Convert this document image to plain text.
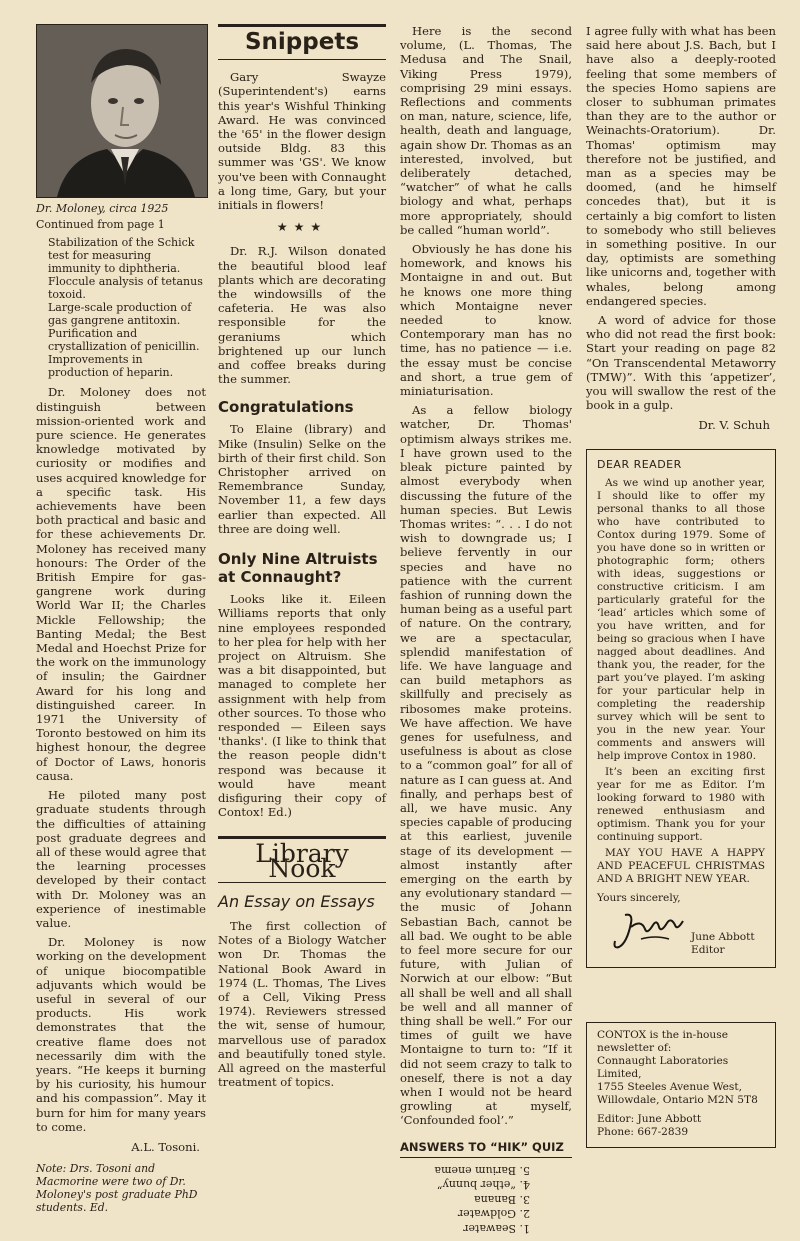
Dr. Moloney, circa 1925
Continued from page 1
Stabilization of the Schick test for measuring immunity to diphtheria.
Floccule analysis of tetanus toxoid.
Large-scale production of gas gangrene antitoxin.
Purification and crystallization of penicillin.
Improvements in production of heparin.

Dr. Moloney does not distinguish between mission-oriented work and pure science. He generates knowledge motivated by curiosity or modifies and uses acquired knowledge for a specific task. His achievements have been both practical and basic and for these achievements Dr. Moloney has received many honours: The Order of the British Empire for gas-gangrene work during World War II; the Charles Mickle Fellowship; the Banting Medal; the Best Medal and Hoechst Prize for the work on the immunology of insulin; the Gairdner Award for his long and distinguished career. In 1971 the University of Toronto bestowed on him its highest honour, the degree of Doctor of Laws, honoris causa.

He piloted many post graduate students through the difficulties of attaining post graduate degrees and all of these would agree that the learning processes developed by their contact with Dr. Moloney was an experience of inestimable value.

Dr. Moloney is now working on the development of unique biocompatible adjuvants which would be useful in several of our products. His work demonstrates that the creative flame does not necessarily dim with the years. “He keeps it burning by his curiosity, his humour and his compassion”. May it burn for him for many years to come.

A.L. Tosoni.
Note: Drs. Tosoni and Macmorine were two of Dr. Moloney's post graduate PhD students. Ed.
Snippets

Gary Swayze (Superintendent's) earns this year's Wishful Thinking Award. He was convinced the '65' in the flower design outside Bldg. 83 this summer was 'GS'. We know you've been with Connaught a long time, Gary, but your initials in flowers!

★★★

Dr. R.J. Wilson donated the beautiful blood leaf plants which are decorating the windowsills of the cafeteria. He was also responsible for the geraniums which brightened up our lunch and coffee breaks during the summer.

Congratulations

To Elaine (library) and Mike (Insulin) Selke on the birth of their first child. Son Christopher arrived on Remembrance Sunday, November 11, a few days earlier than expected. All three are doing well.

Only Nine Altruists at Connaught?

Looks like it. Eileen Williams reports that only nine employees responded to her plea for help with her project on Altruism. She was a bit disappointed, but managed to complete her assignment with help from other sources. To those who responded — Eileen says 'thanks'. (I like to think that the reason people didn't respond was because it would have meant disfiguring their copy of Contox! Ed.)

Library Nook
An Essay on Essays

The first collection of Notes of a Biology Watcher won Dr. Thomas the National Book Award in 1974 (L. Thomas, The Lives of a Cell, Viking Press 1974). Reviewers stressed the wit, sense of humour, marvellous use of paradox and beautifully toned style. All agreed on the masterful treatment of topics.

Here is the second volume, (L. Thomas, The Medusa and The Snail, Viking Press 1979), comprising 29 mini essays. Reflections and comments on man, nature, science, life, health, death and language, again show Dr. Thomas as an interested, involved, but deliberately detached, “watcher” of what he calls biology and what, perhaps more appropriately, should be called “human world”.

Obviously he has done his homework, and knows his Montaigne in and out. But he knows one more thing which Montaigne never needed to know. Contemporary man has no time, has no patience — i.e. the essay must be concise and short, a true gem of miniaturisation.

As a fellow biology watcher, Dr. Thomas' optimism always strikes me. I have grown used to the bleak picture painted by almost everybody when discussing the future of the human species. But Lewis Thomas writes: “. . . I do not wish to downgrade us; I believe fervently in our species and have no patience with the current fashion of running down the human being as a useful part of nature. On the contrary, we are a spectacular, splendid manifestation of life. We have language and can build metaphors as skillfully and precisely as ribosomes make proteins. We have affection. We have genes for usefulness, and usefulness is about as close to a “common goal” for all of nature as I can guess at. And finally, and perhaps best of all, we have music. Any species capable of producing at this earliest, juvenile stage of its development — almost instantly after emerging on the earth by any evolutionary standard — the music of Johann Sebastian Bach, cannot be all bad. We ought to be able to feel more secure for our future, with Julian of Norwich at our elbow: “But all shall be well and all shall be well and all manner of thing shall be well.” For our times of guilt we have Montaigne to turn to: “If it did not seem crazy to talk to oneself, there is not a day when I would not be heard growling at myself, ‘Confounded fool’.”

ANSWERS TO “HIK” QUIZ
1. Seawater
2. Goldwater
3. Banana
4. “ether bunny”
5. Barium enema

I agree fully with what has been said here about J.S. Bach, but I have also a deeply-rooted feeling that some members of the species Homo sapiens are closer to subhuman primates than they are to the author or Weinachts-Oratorium). Dr. Thomas' optimism may therefore not be justified, and man as a species may be doomed, (and he himself concedes that), but it is certainly a big comfort to listen to somebody who still believes in something positive. In our day, optimists are something like unicorns and, together with whales, belong among endangered species.

A word of advice for those who did not read the first book: Start your reading on page 82 “On Transcendental Metaworry (TMW)”. With this ‘appetizer’, you will swallow the rest of the book in a gulp.

Dr. V. Schuh
DEAR READER

As we wind up another year, I should like to offer my personal thanks to all those who have contributed to Contox during 1979. Some of you have done so in written or photographic form; others with ideas, suggestions or constructive criticism. I am particularly grateful for the ‘lead’ articles which some of you have written, and for being so gracious when I have nagged about deadlines. And thank you, the reader, for the part you’ve played. I’m asking for your particular help in completing the readership survey which will be sent to you in the new year. Your comments and answers will help improve Contox in 1980.

It’s been an exciting first year for me as Editor. I’m looking forward to 1980 with renewed enthusiasm and optimism. Thank you for your continuing support.

MAY YOU HAVE A HAPPY AND PEACEFUL CHRISTMAS AND A BRIGHT NEW YEAR.

Yours sincerely,

June Abbott
Editor
CONTOX is the in-house newsletter of:
Connaught Laboratories Limited,
1755 Steeles Avenue West,
Willowdale, Ontario M2N 5T8
Editor: June Abbott
Phone: 667-2839
